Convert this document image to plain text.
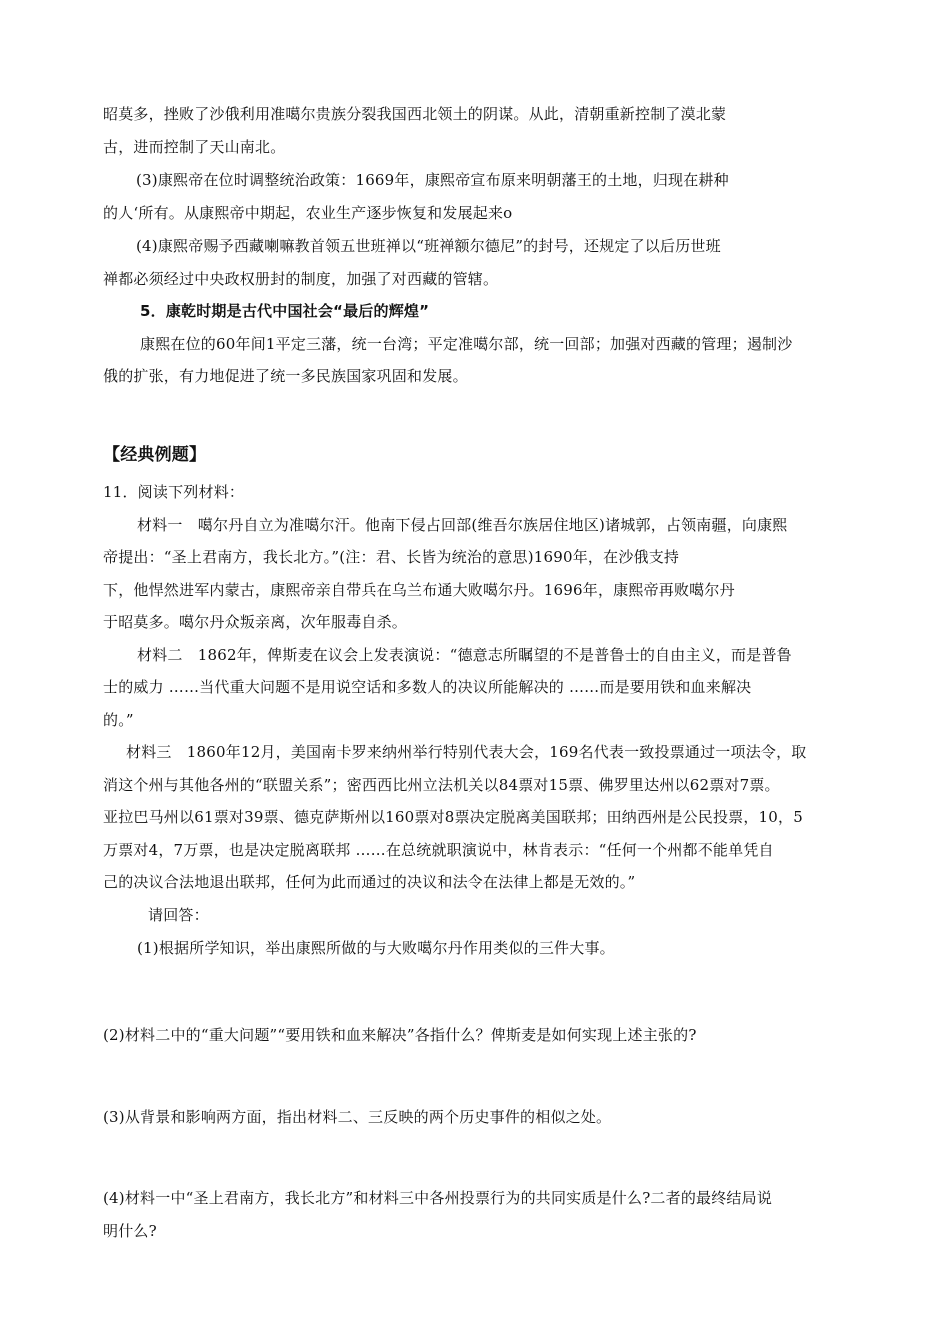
昭莫多，挫败了沙俄利用准噶尔贵族分裂我国西北领土的阴谋。从此，清朝重新控制了漠北蒙
古，进而控制了天山南北。
(3)康熙帝在位时调整统治政策：1669年，康熙帝宣布原来明朝藩王的土地，归现在耕种
的人‘所有。从康熙帝中期起，农业生产逐步恢复和发展起来o
(4)康熙帝赐予西藏喇嘛教首领五世班禅以“班禅额尔德尼”的封号，还规定了以后历世班
禅都必须经过中央政权册封的制度，加强了对西藏的管辖。
5．康乾时期是古代中国社会“最后的辉煌”
康熙在位的60年间1平定三藩，统一台湾；平定准噶尔部，统一回部；加强对西藏的管理；遏制沙
俄的扩张，有力地促进了统一多民族国家巩固和发展。
【经典例题】
11．阅读下列材料：
材料一　噶尔丹自立为准噶尔汗。他南下侵占回部(维吾尔族居住地区)诸城郭，占领南疆，向康熙
帝提出：“圣上君南方，我长北方。”(注：君、长皆为统治的意思)1690年，在沙俄支持
下，他悍然进军内蒙古，康熙帝亲自带兵在乌兰布通大败噶尔丹。1696年，康熙帝再败噶尔丹
于昭莫多。噶尔丹众叛亲离，次年服毒自杀。
材料二　1862年，俾斯麦在议会上发表演说：“德意志所瞩望的不是普鲁士的自由主义，而是普鲁
士的威力 ……当代重大问题不是用说空话和多数人的决议所能解决的 ……而是要用铁和血来解决
的。”
材料三　1860年12月，美国南卡罗来纳州举行特别代表大会，169名代表一致投票通过一项法令，取
消这个州与其他各州的“联盟关系”；密西西比州立法机关以84票对15票、佛罗里达州以62票对7票。
亚拉巴马州以61票对39票、德克萨斯州以160票对8票决定脱离美国联邦；田纳西州是公民投票，10，5
万票对4，7万票，也是决定脱离联邦 ……在总统就职演说中，林肯表示：“任何一个州都不能单凭自
己的决议合法地退出联邦，任何为此而通过的决议和法令在法律上都是无效的。”
请回答：
(1)根据所学知识，举出康熙所做的与大败噶尔丹作用类似的三件大事。
(2)材料二中的“重大问题”“要用铁和血来解决”各指什么？俾斯麦是如何实现上述主张的?
(3)从背景和影响两方面，指出材料二、三反映的两个历史事件的相似之处。
(4)材料一中“圣上君南方，我长北方”和材料三中各州投票行为的共同实质是什么?二者的最终结局说
明什么?
